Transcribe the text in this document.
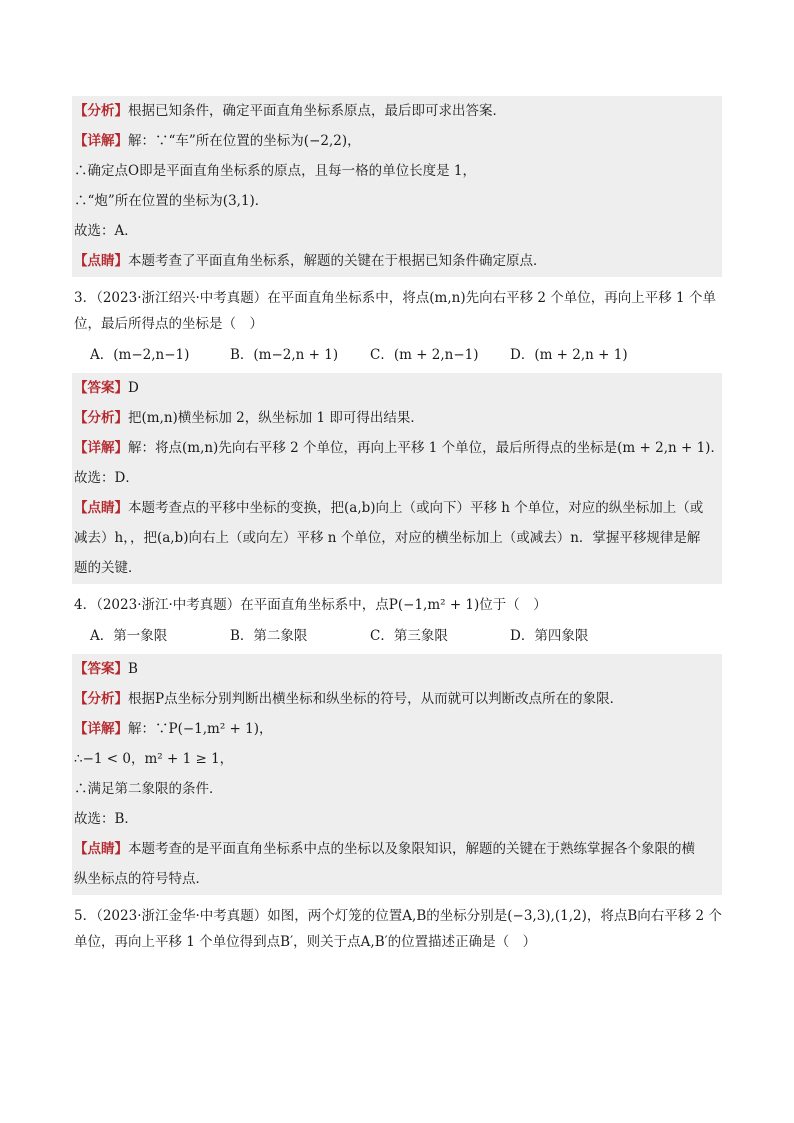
【分析】根据已知条件，确定平面直角坐标系原点，最后即可求出答案．
【详解】解：∵“车”所在位置的坐标为(−2,2)，
∴确定点O即是平面直角坐标系的原点，且每一格的单位长度是 1，
∴“炮”所在位置的坐标为(3,1)．
故选：A．
【点睛】本题考查了平面直角坐标系，解题的关键在于根据已知条件确定原点．
3．（2023·浙江绍兴·中考真题）在平面直角坐标系中，将点(m,n)先向右平移 2 个单位，再向上平移 1 个单
位，最后所得点的坐标是（　）
A．(m−2,n−1)	B．(m−2,n + 1)	C．(m + 2,n−1)	D．(m + 2,n + 1)
【答案】D
【分析】把(m,n)横坐标加 2，纵坐标加 1 即可得出结果．
【详解】解：将点(m,n)先向右平移 2 个单位，再向上平移 1 个单位，最后所得点的坐标是(m + 2,n + 1)．
故选：D．
【点睛】本题考查点的平移中坐标的变换，把(a,b)向上（或向下）平移 h 个单位，对应的纵坐标加上（或
减去）h，，把(a,b)向右上（或向左）平移 n 个单位，对应的横坐标加上（或减去）n．掌握平移规律是解
题的关键．
4．（2023·浙江·中考真题）在平面直角坐标系中，点P(−1,m² + 1)位于（　）
A．第一象限	B．第二象限	C．第三象限	D．第四象限
【答案】B
【分析】根据P点坐标分别判断出横坐标和纵坐标的符号，从而就可以判断改点所在的象限．
【详解】解：∵P(−1,m² + 1)，
∴−1 < 0，m² + 1 ≥ 1，
∴满足第二象限的条件．
故选：B．
【点睛】本题考查的是平面直角坐标系中点的坐标以及象限知识，解题的关键在于熟练掌握各个象限的横
纵坐标点的符号特点．
5．（2023·浙江金华·中考真题）如图，两个灯笼的位置A,B的坐标分别是(−3,3),(1,2)，将点B向右平移 2 个
单位，再向上平移 1 个单位得到点B′，则关于点A,B′的位置描述正确是（　）
